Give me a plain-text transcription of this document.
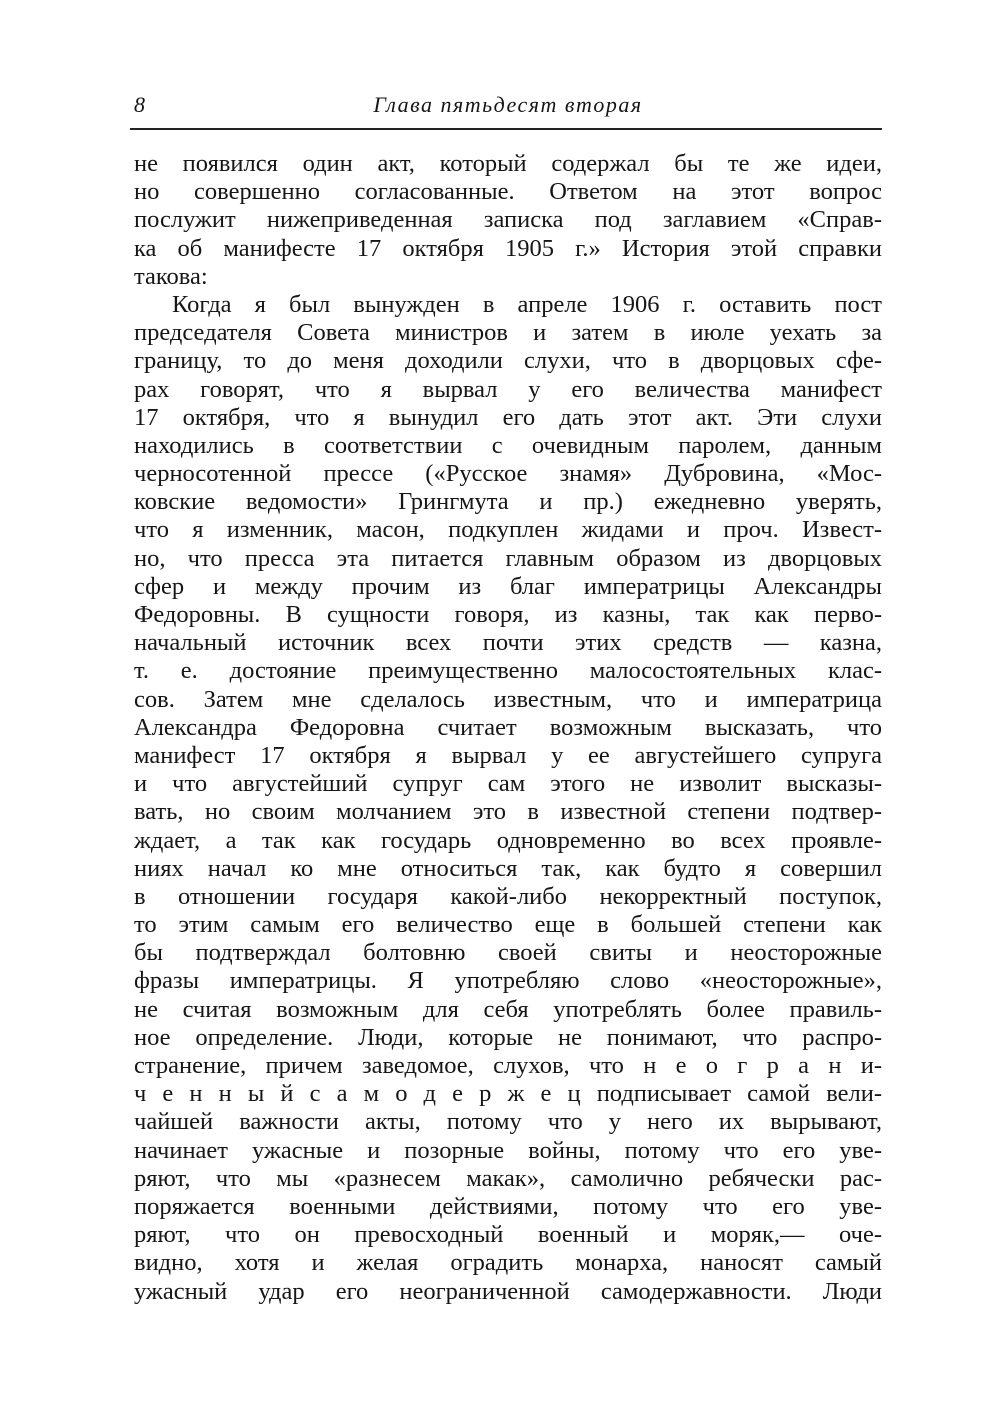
8	Глава пятьдесят вторая
не появился один акт, который содержал бы те же идеи,
но совершенно согласованные. Ответом на этот вопрос
послужит нижеприведенная записка под заглавием «Справ-
ка об манифесте 17 октября 1905 г.» История этой справки
такова:
Когда я был вынужден в апреле 1906 г. оставить пост
председателя Совета министров и затем в июле уехать за
границу, то до меня доходили слухи, что в дворцовых сфе-
рах говорят, что я вырвал у его величества манифест
17 октября, что я вынудил его дать этот акт. Эти слухи
находились в соответствии с очевидным паролем, данным
черносотенной прессе («Русское знамя» Дубровина, «Мос-
ковские ведомости» Грингмута и пр.) ежедневно уверять,
что я изменник, масон, подкуплен жидами и проч. Извест-
но, что пресса эта питается главным образом из дворцовых
сфер и между прочим из благ императрицы Александры
Федоровны. В сущности говоря, из казны, так как перво-
начальный источник всех почти этих средств — казна,
т. е. достояние преимущественно малосостоятельных клас-
сов. Затем мне сделалось известным, что и императрица
Александра Федоровна считает возможным высказать, что
манифест 17 октября я вырвал у ее августейшего супруга
и что августейший супруг сам этого не изволит высказы-
вать, но своим молчанием это в известной степени подтвер-
ждает, а так как государь одновременно во всех проявле-
ниях начал ко мне относиться так, как будто я совершил
в отношении государя какой-либо некорректный поступок,
то этим самым его величество еще в большей степени как
бы подтверждал болтовню своей свиты и неосторожные
фразы императрицы. Я употребляю слово «неосторожные»,
не считая возможным для себя употреблять более правиль-
ное определение. Люди, которые не понимают, что распро-
странение, причем заведомое, слухов, что н е о г р а н и-
ч е н н ы й с а м о д е р ж е ц подписывает самой вели-
чайшей важности акты, потому что у него их вырывают,
начинает ужасные и позорные войны, потому что его уве-
ряют, что мы «разнесем макак», самолично ребячески рас-
поряжается военными действиями, потому что его уве-
ряют, что он превосходный военный и моряк,— оче-
видно, хотя и желая оградить монарха, наносят самый
ужасный удар его неограниченной самодержавности. Люди
